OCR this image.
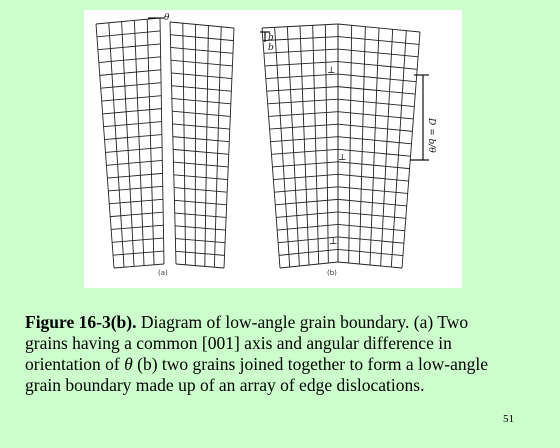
θ
b
b
⊥
⊥
⊥
D = b/θ
(a)	(b)
Figure 16-3(b). Diagram of low-angle grain boundary. (a) Two grains having a common [001] axis and angular difference in orientation of θ (b) two grains joined together to form a low-angle grain boundary made up of an array of edge dislocations.
51
